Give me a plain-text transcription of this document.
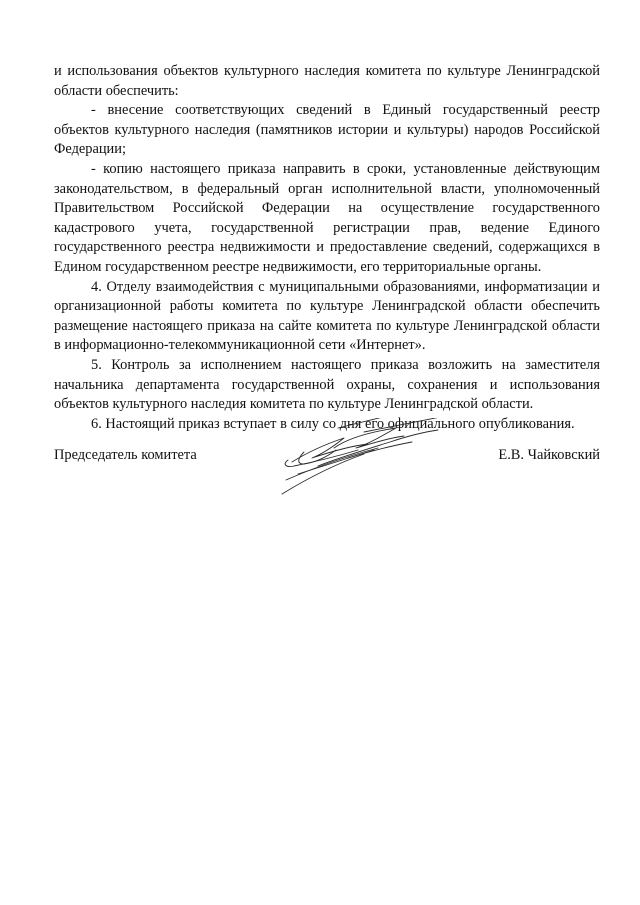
и использования объектов культурного наследия комитета по культуре Ленинградской области обеспечить:

- внесение соответствующих сведений в Единый государственный реестр объектов культурного наследия (памятников истории и культуры) народов Российской Федерации;

- копию настоящего приказа направить в сроки, установленные действующим законодательством, в федеральный орган исполнительной власти, уполномоченный Правительством Российской Федерации на осуществление государственного кадастрового учета, государственной регистрации прав, ведение Единого государственного реестра недвижимости и предоставление сведений, содержащихся в Едином государственном реестре недвижимости, его территориальные органы.

4. Отделу взаимодействия с муниципальными образованиями, информатизации и организационной работы комитета по культуре Ленинградской области обеспечить размещение настоящего приказа на сайте комитета по культуре Ленинградской области в информационно-телекоммуникационной сети «Интернет».

5. Контроль за исполнением настоящего приказа возложить на заместителя начальника департамента государственной охраны, сохранения и использования объектов культурного наследия комитета по культуре Ленинградской области.

6. Настоящий приказ вступает в силу со дня его официального опубликования.

Председатель комитета	Е.В. Чайковский
